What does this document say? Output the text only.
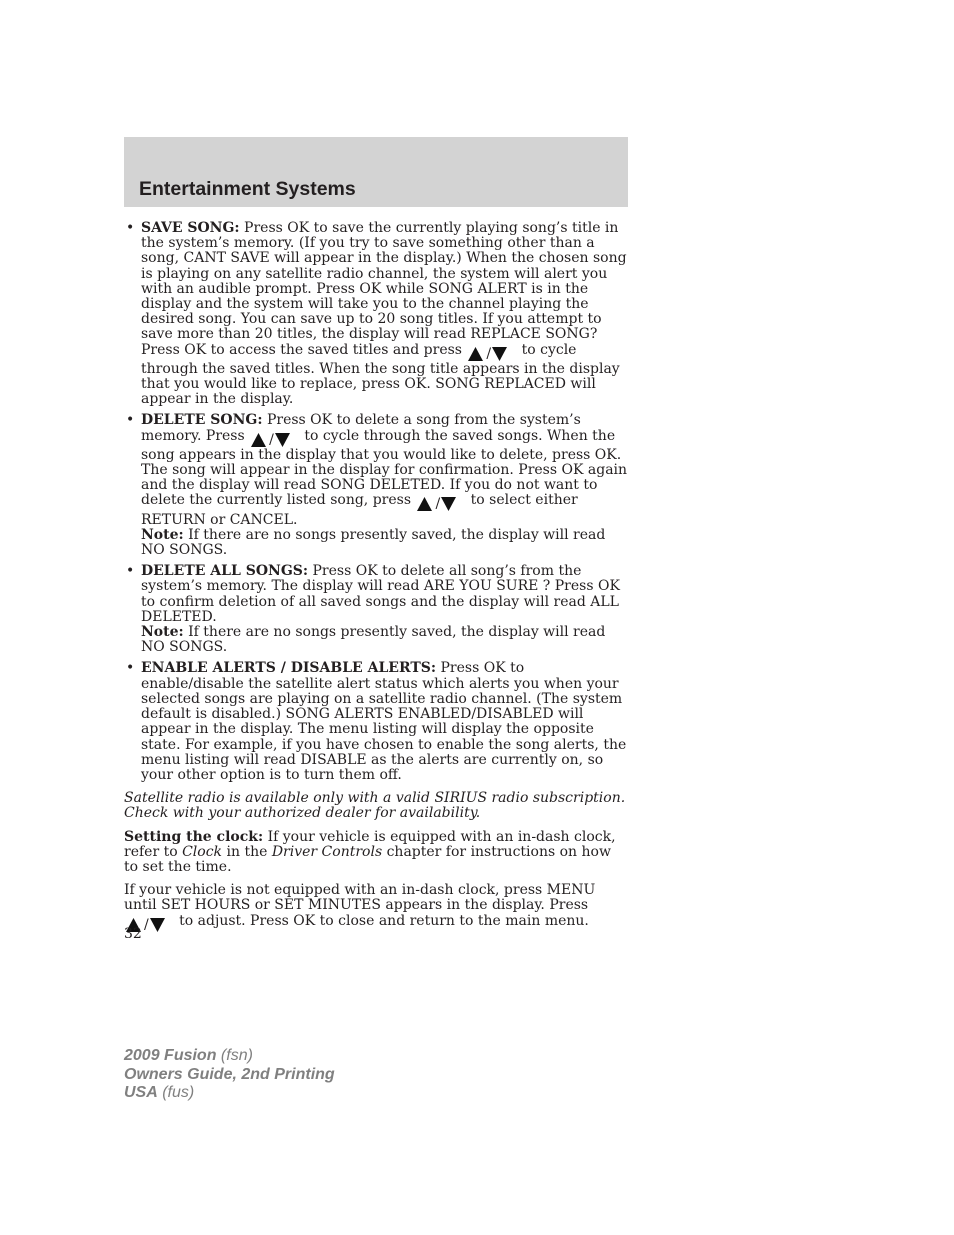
Entertainment Systems
• SAVE SONG: Press OK to save the currently playing song’s title in the system’s memory. (If you try to save something other than a song, CANT SAVE will appear in the display.) When the chosen song is playing on any satellite radio channel, the system will alert you with an audible prompt. Press OK while SONG ALERT is in the display and the system will take you to the channel playing the desired song. You can save up to 20 song titles. If you attempt to save more than 20 titles, the display will read REPLACE SONG? Press OK to access the saved titles and press / to cycle through the saved titles. When the song title appears in the display that you would like to replace, press OK. SONG REPLACED will appear in the display.
• DELETE SONG: Press OK to delete a song from the system’s memory. Press / to cycle through the saved songs. When the song appears in the display that you would like to delete, press OK. The song will appear in the display for confirmation. Press OK again and the display will read SONG DELETED. If you do not want to delete the currently listed song, press / to select either RETURN or CANCEL.
Note: If there are no songs presently saved, the display will read NO SONGS.
• DELETE ALL SONGS: Press OK to delete all song’s from the system’s memory. The display will read ARE YOU SURE ? Press OK to confirm deletion of all saved songs and the display will read ALL DELETED.
Note: If there are no songs presently saved, the display will read NO SONGS.
• ENABLE ALERTS / DISABLE ALERTS: Press OK to enable/disable the satellite alert status which alerts you when your selected songs are playing on a satellite radio channel. (The system default is disabled.) SONG ALERTS ENABLED/DISABLED will appear in the display. The menu listing will display the opposite state. For example, if you have chosen to enable the song alerts, the menu listing will read DISABLE as the alerts are currently on, so your other option is to turn them off.

Satellite radio is available only with a valid SIRIUS radio subscription. Check with your authorized dealer for availability.

Setting the clock: If your vehicle is equipped with an in-dash clock, refer to Clock in the Driver Controls chapter for instructions on how to set the time.

If your vehicle is not equipped with an in-dash clock, press MENU until SET HOURS or SET MINUTES appears in the display. Press / to adjust. Press OK to close and return to the main menu.

32
2009 Fusion (fsn)
Owners Guide, 2nd Printing
USA (fus)
